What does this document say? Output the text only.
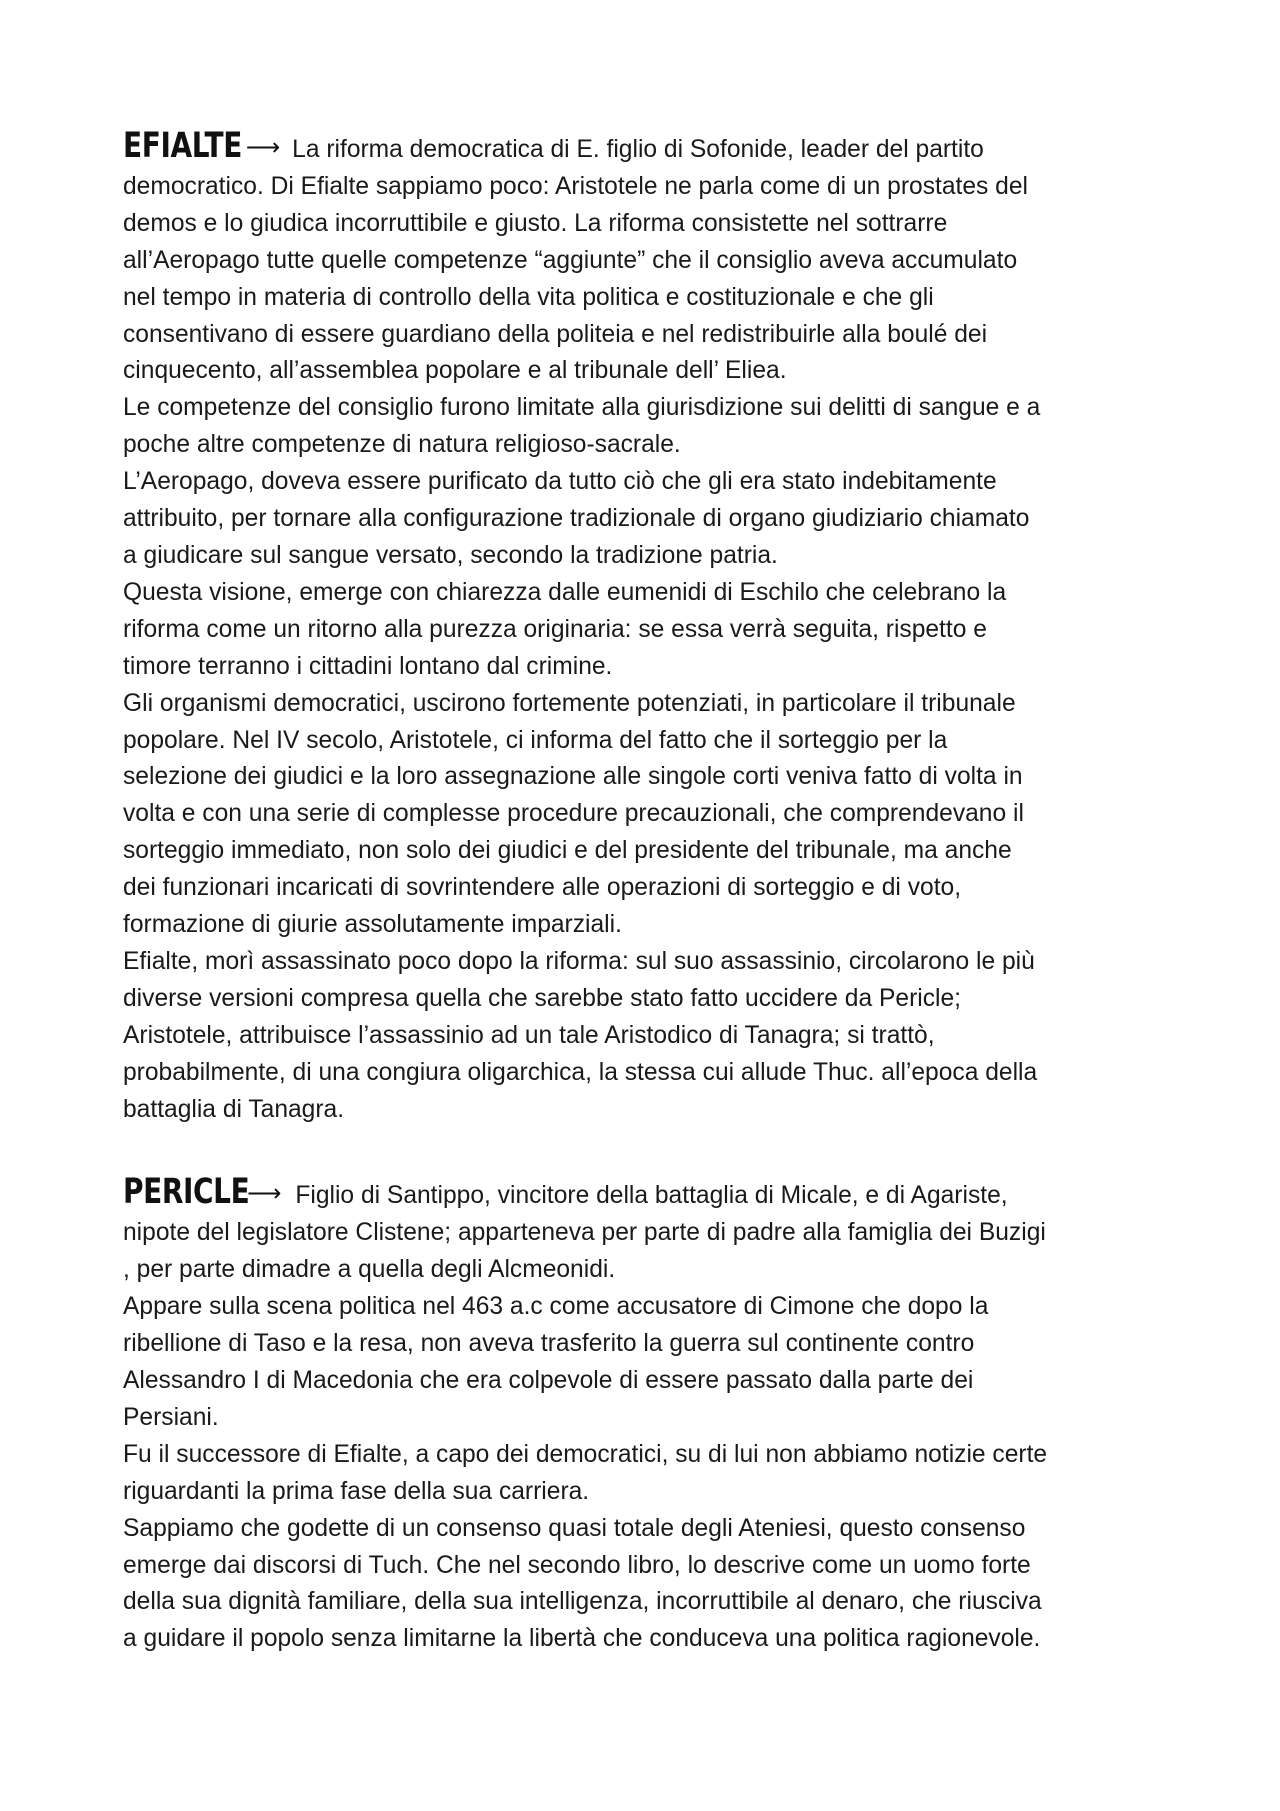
EFIALTE ⟶ La riforma democratica di E. figlio di Sofonide, leader del partito
democratico. Di Efialte sappiamo poco: Aristotele ne parla come di un prostates del
demos e lo giudica incorruttibile e giusto. La riforma consistette nel sottrarre
all’Aeropago tutte quelle competenze “aggiunte” che il consiglio aveva accumulato
nel tempo in materia di controllo della vita politica e costituzionale e che gli
consentivano di essere guardiano della politeia e nel redistribuirle alla boulé dei
cinquecento, all’assemblea popolare e al tribunale dell’ Eliea.
Le competenze del consiglio furono limitate alla giurisdizione sui delitti di sangue e a
poche altre competenze di natura religioso-sacrale.
L’Aeropago, doveva essere purificato da tutto ciò che gli era stato indebitamente
attribuito, per tornare alla configurazione tradizionale di organo giudiziario chiamato
a giudicare sul sangue versato, secondo la tradizione patria.
Questa visione, emerge con chiarezza dalle eumenidi di Eschilo che celebrano la
riforma come un ritorno alla purezza originaria: se essa verrà seguita, rispetto e
timore terranno i cittadini lontano dal crimine.
Gli organismi democratici, uscirono fortemente potenziati, in particolare il tribunale
popolare. Nel IV secolo, Aristotele, ci informa del fatto che il sorteggio per la
selezione dei giudici e la loro assegnazione alle singole corti veniva fatto di volta in
volta e con una serie di complesse procedure precauzionali, che comprendevano il
sorteggio immediato, non solo dei giudici e del presidente del tribunale, ma anche
dei funzionari incaricati di sovrintendere alle operazioni di sorteggio e di voto,
formazione di giurie assolutamente imparziali.
Efialte, morì assassinato poco dopo la riforma: sul suo assassinio, circolarono le più
diverse versioni compresa quella che sarebbe stato fatto uccidere da Pericle;
Aristotele, attribuisce l’assassinio ad un tale Aristodico di Tanagra; si trattò,
probabilmente, di una congiura oligarchica, la stessa cui allude Thuc. all’epoca della
battaglia di Tanagra.
PERICLE⟶ Figlio di Santippo, vincitore della battaglia di Micale, e di Agariste,
nipote del legislatore Clistene; apparteneva per parte di padre alla famiglia dei Buzigi
, per parte dimadre a quella degli Alcmeonidi.
Appare sulla scena politica nel 463 a.c come accusatore di Cimone che dopo la
ribellione di Taso e la resa, non aveva trasferito la guerra sul continente contro
Alessandro I di Macedonia che era colpevole di essere passato dalla parte dei
Persiani.
Fu il successore di Efialte, a capo dei democratici, su di lui non abbiamo notizie certe
riguardanti la prima fase della sua carriera.
Sappiamo che godette di un consenso quasi totale degli Ateniesi, questo consenso
emerge dai discorsi di Tuch. Che nel secondo libro, lo descrive come un uomo forte
della sua dignità familiare, della sua intelligenza, incorruttibile al denaro, che riusciva
a guidare il popolo senza limitarne la libertà che conduceva una politica ragionevole.
